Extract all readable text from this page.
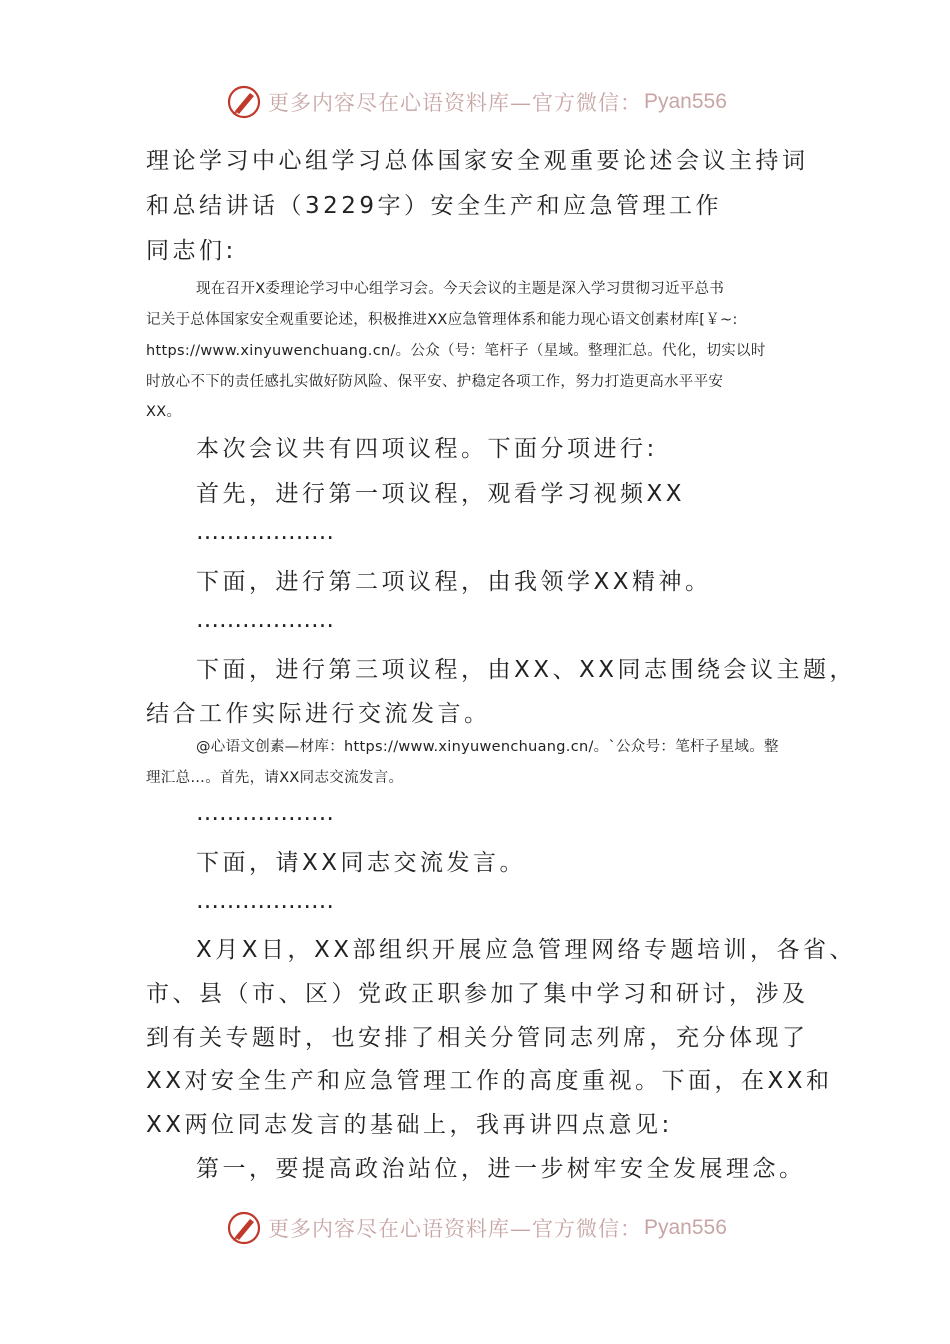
更多内容尽在心语资料库—官方微信： Pyan556
理论学习中心组学习总体国家安全观重要论述会议主持词
和总结讲话（3229字）安全生产和应急管理工作
同志们:
现在召开X委理论学习中心组学习会。今天会议的主题是深入学习贯彻习近平总书
记关于总体国家安全观重要论述，积极推进XX应急管理体系和能力现心语文创素材库[￥~:
https://www.xinyuwenchuang.cn/。公众（号：笔杆子（星域。整理汇总。代化，切实以时
时放心不下的责任感扎实做好防风险、保平安、护稳定各项工作，努力打造更高水平平安
XX。
本次会议共有四项议程。下面分项进行:
首先，进行第一项议程，观看学习视频XX
………………
下面，进行第二项议程，由我领学XX精神。
………………
下面，进行第三项议程，由XX、XX同志围绕会议主题，
结合工作实际进行交流发言。
@心语文创素—材库：https://www.xinyuwenchuang.cn/。`公众号：笔杆子星域。整
理汇总…。首先，请XX同志交流发言。
………………
下面，请XX同志交流发言。
………………
X月X日，XX部组织开展应急管理网络专题培训，各省、
市、县（市、区）党政正职参加了集中学习和研讨，涉及
到有关专题时，也安排了相关分管同志列席，充分体现了
XX对安全生产和应急管理工作的高度重视。下面，在XX和
XX两位同志发言的基础上，我再讲四点意见:
第一，要提高政治站位，进一步树牢安全发展理念。
更多内容尽在心语资料库—官方微信： Pyan556
